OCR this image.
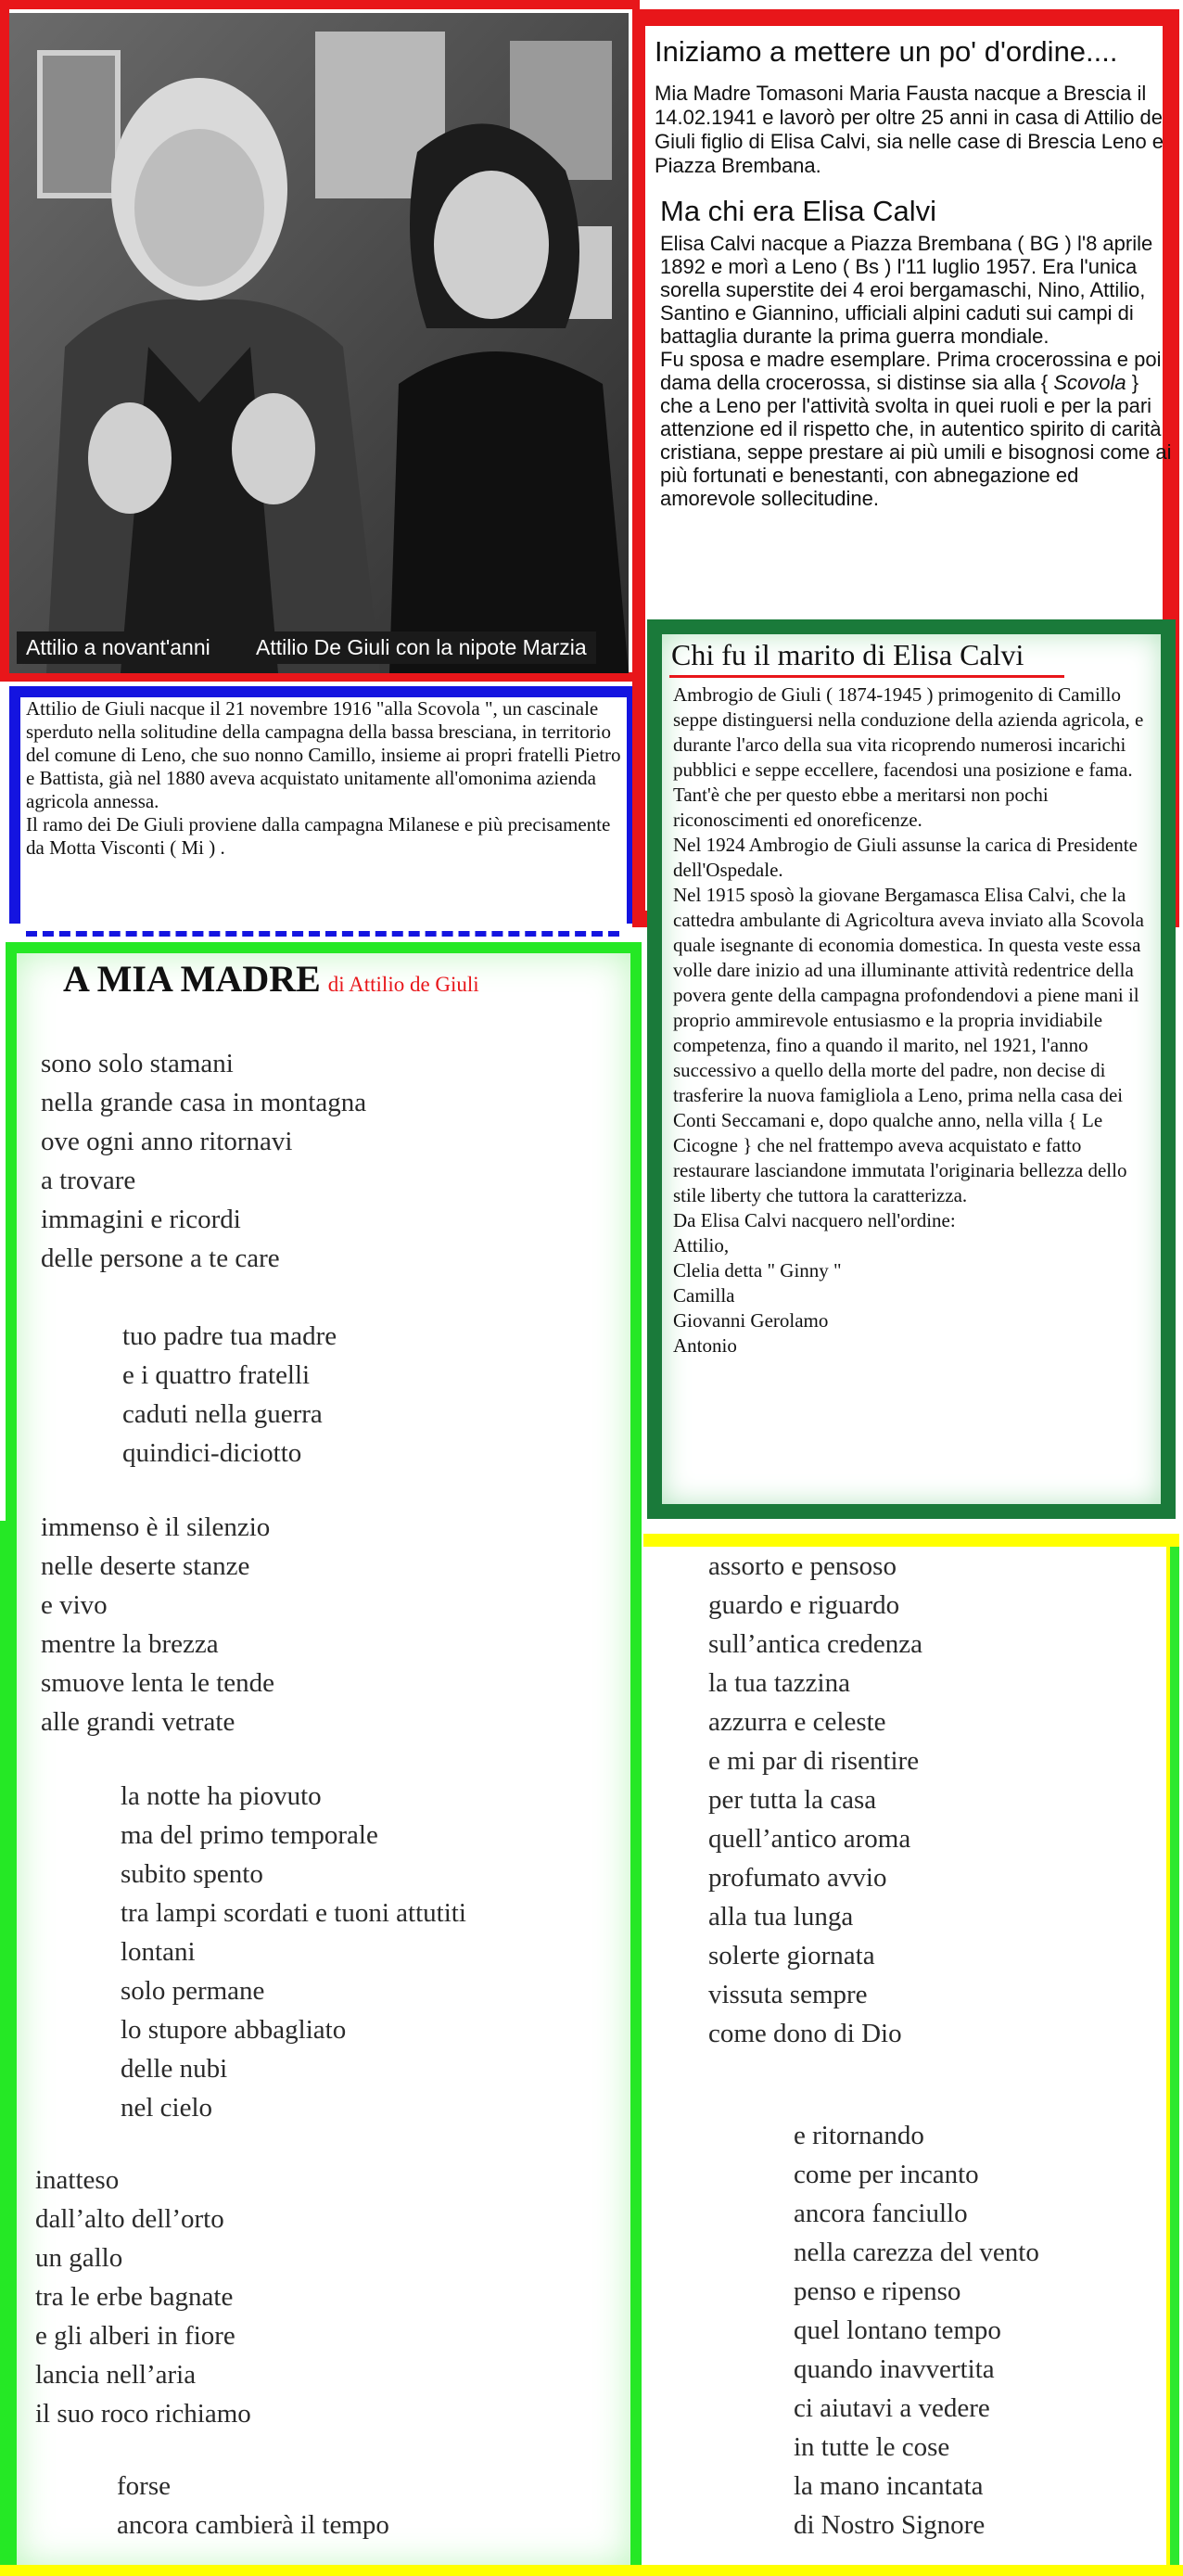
Attilio a novant'anni	Attilio De Giuli con la nipote Marzia
Iniziamo a mettere un po' d'ordine....

Mia Madre Tomasoni Maria Fausta nacque a Brescia il 14.02.1941 e lavorò per oltre 25 anni in casa di Attilio de Giuli figlio di Elisa Calvi, sia nelle case di Brescia Leno e Piazza Brembana.

Ma chi era Elisa Calvi

Elisa Calvi nacque a Piazza Brembana ( BG ) l'8 aprile 1892 e morì a Leno ( Bs ) l'11 luglio 1957. Era l'unica sorella superstite dei 4 eroi bergamaschi, Nino, Attilio, Santino e Giannino, ufficiali alpini caduti sui campi di battaglia durante la prima guerra mondiale.

Fu sposa e madre esemplare. Prima crocerossina e poi dama della crocerossa, si distinse sia alla { Scovola } che a Leno per l'attività svolta in quei ruoli e per la pari attenzione ed il rispetto che, in autentico spirito di carità cristiana, seppe prestare ai più umili e bisognosi come ai più fortunati e benestanti, con abnegazione ed amorevole sollecitudine.

Attilio de Giuli nacque il 21 novembre 1916 "alla Scovola ", un cascinale sperduto nella solitudine della campagna della bassa bresciana, in territorio del comune di Leno, che suo nonno Camillo, insieme ai propri fratelli Pietro e Battista, già nel 1880 aveva acquistato unitamente all'omonima azienda agricola annessa.

Il ramo dei De Giuli proviene dalla campagna Milanese e più precisamente da Motta Visconti ( Mi ) .

Chi fu il marito di Elisa Calvi

Ambrogio de Giuli ( 1874-1945 ) primogenito di Camillo seppe distinguersi nella conduzione della azienda agricola, e durante l'arco della sua vita ricoprendo numerosi incarichi pubblici e seppe eccellere, facendosi una posizione e fama.

Tant'è che per questo ebbe a meritarsi non pochi riconoscimenti ed onoreficenze.

Nel 1924 Ambrogio de Giuli assunse la carica di Presidente dell'Ospedale.

Nel 1915 sposò la giovane Bergamasca Elisa Calvi, che la cattedra ambulante di Agricoltura aveva inviato alla Scovola quale isegnante di economia domestica. In questa veste essa volle dare inizio ad una illuminante attività redentrice della povera gente della campagna profondendovi a piene mani il proprio ammirevole entusiasmo e la propria invidiabile competenza, fino a quando il marito, nel 1921, l'anno successivo a quello della morte del padre, non decise di trasferire la nuova famigliola a Leno, prima nella casa dei Conti Seccamani e, dopo qualche anno, nella villa { Le Cicogne } che nel frattempo aveva acquistato e fatto restaurare lasciandone immutata l'originaria bellezza dello stile liberty che tuttora la caratterizza.

Da Elisa Calvi nacquero nell'ordine:

Attilio,

Clelia detta " Ginny "

Camilla

Giovanni Gerolamo

Antonio

A MIA MADRE di Attilio de Giuli
sono solo stamani
nella grande casa in montagna
ove ogni anno ritornavi
a trovare
immagini e ricordi
delle persone a te care
tuo padre tua madre
e i quattro fratelli
caduti nella guerra
quindici-diciotto
immenso è il silenzio
nelle deserte stanze
e vivo
mentre la brezza
smuove lenta le tende
alle grandi vetrate
la notte ha piovuto
ma del primo temporale
subito spento
tra lampi scordati e tuoni attutiti
lontani
solo permane
lo stupore abbagliato
delle nubi
nel cielo
inatteso
dall’alto dell’orto
un gallo
tra le erbe bagnate
e gli alberi in fiore
lancia nell’aria
il suo roco richiamo
forse
ancora cambierà il tempo
assorto e pensoso
guardo e riguardo
sull’antica credenza
la tua tazzina
azzurra e celeste
e mi par di risentire
per tutta la casa
quell’antico aroma
profumato avvio
alla tua lunga
solerte giornata
vissuta sempre
come dono di Dio
e ritornando
come per incanto
ancora fanciullo
nella carezza del vento
penso e ripenso
quel lontano tempo
quando inavvertita
ci aiutavi a vedere
in tutte le cose
la mano incantata
di Nostro Signore
